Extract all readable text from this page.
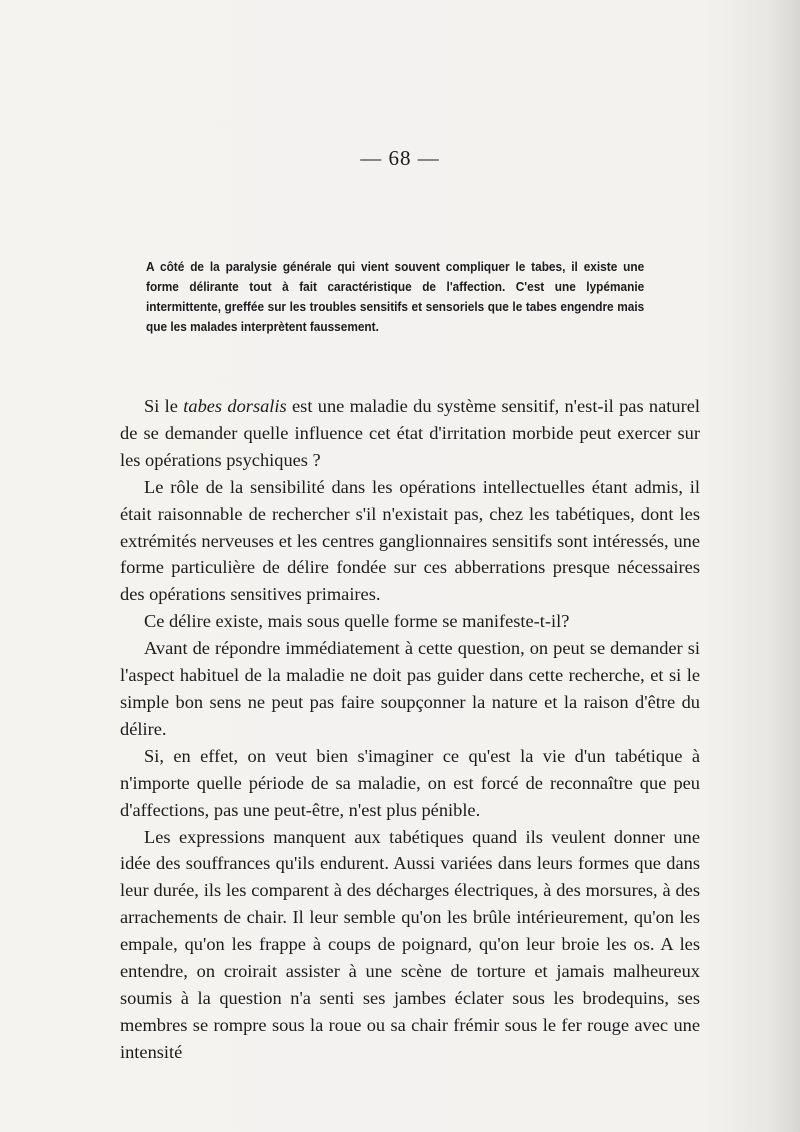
— 68 —

A côté de la paralysie générale qui vient souvent compliquer le tabes, il existe une forme délirante tout à fait caractéristique de l'affection. C'est une lypémanie intermittente, greffée sur les troubles sensitifs et sensoriels que le tabes engendre mais que les malades interprètent faussement.

Si le tabes dorsalis est une maladie du système sensitif, n'est-il pas naturel de se demander quelle influence cet état d'irritation morbide peut exercer sur les opérations psychiques ?

Le rôle de la sensibilité dans les opérations intellectuelles étant admis, il était raisonnable de rechercher s'il n'existait pas, chez les tabétiques, dont les extrémités nerveuses et les centres ganglionnaires sensitifs sont intéressés, une forme particulière de délire fondée sur ces abberrations presque nécessaires des opérations sensitives primaires.

Ce délire existe, mais sous quelle forme se manifeste-t-il?

Avant de répondre immédiatement à cette question, on peut se demander si l'aspect habituel de la maladie ne doit pas guider dans cette recherche, et si le simple bon sens ne peut pas faire soupçonner la nature et la raison d'être du délire.

Si, en effet, on veut bien s'imaginer ce qu'est la vie d'un tabétique à n'importe quelle période de sa maladie, on est forcé de reconnaître que peu d'affections, pas une peut-être, n'est plus pénible.

Les expressions manquent aux tabétiques quand ils veulent donner une idée des souffrances qu'ils endurent. Aussi variées dans leurs formes que dans leur durée, ils les comparent à des décharges électriques, à des morsures, à des arrachements de chair. Il leur semble qu'on les brûle intérieurement, qu'on les empale, qu'on les frappe à coups de poignard, qu'on leur broie les os. A les entendre, on croirait assister à une scène de torture et jamais malheureux soumis à la question n'a senti ses jambes éclater sous les brodequins, ses membres se rompre sous la roue ou sa chair frémir sous le fer rouge avec une intensité
